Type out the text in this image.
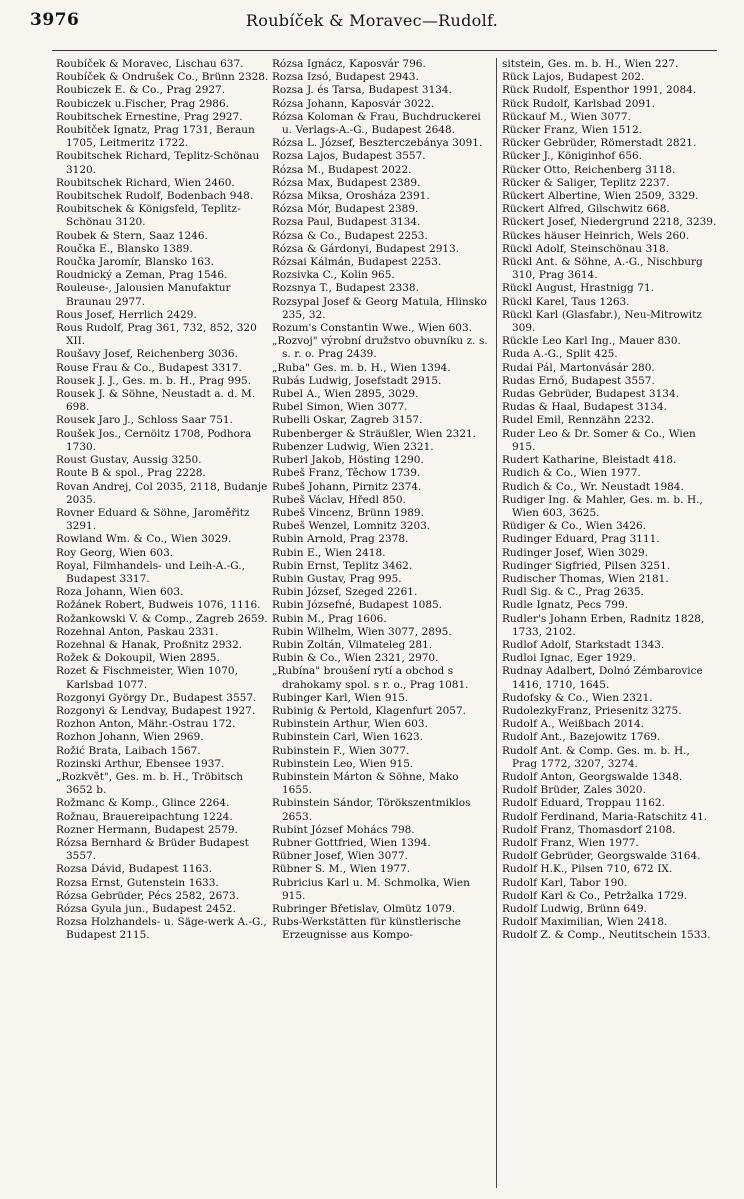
3976	Roubíček & Moravec—Rudolf.
Roubíček & Moravec, Lischau 637.
Roubíček & Ondrušek Co., Brünn 2328.
Roubiczek E. & Co., Prag 2927.
Roubiczek u.Fischer, Prag 2986.
Roubitschek Ernestine, Prag 2927.
Roubitček Ignatz, Prag 1731, Beraun 1705, Leitmeritz 1722.
Roubitschek Richard, Teplitz-Schönau 3120.
Roubitschek Richard, Wien 2460.
Roubitschek Rudolf, Bodenbach 948.
Roubitschek & Königsfeld, Teplitz-Schönau 3120.
Roubek & Stern, Saaz 1246.
Roučka E., Blansko 1389.
Roučka Jaromír, Blansko 163.
Roudnický a Zeman, Prag 1546.
Rouleuse-, Jalousien Manufaktur Braunau 2977.
Rous Josef, Herrlich 2429.
Rous Rudolf, Prag 361, 732, 852, 320 XII.
Roušavy Josef, Reichenberg 3036.
Rouse Frau & Co., Budapest 3317.
Rousek J. J., Ges. m. b. H., Prag 995.
Rousek J. & Söhne, Neustadt a. d. M. 698.
Rousek Jaro J., Schloss Saar 751.
Roušek Jos., Cernöitz 1708, Podhora 1730.
Roust Gustav, Aussig 3250.
Route B & spol., Prag 2228.
Rovan Andrej, Col 2035, 2118, Budanje 2035.
Rovner Eduard & Söhne, Jaroměřitz 3291.
Rowland Wm. & Co., Wien 3029.
Roy Georg, Wien 603.
Royal, Filmhandels- und Leih-A.-G., Budapest 3317.
Roza Johann, Wien 603.
Rožánek Robert, Budweis 1076, 1116.
Rožankowski V. & Comp., Zagreb 2659.
Rozehnal Anton, Paskau 2331.
Rozehnal & Hanak, Proßnitz 2932.
Rožek & Dokoupil, Wien 2895.
Rozet & Fischmeister, Wien 1070, Karlsbad 1077.
Rozgonyi György Dr., Budapest 3557.
Rozgonyi & Lendvay, Budapest 1927.
Rozhon Anton, Mähr.-Ostrau 172.
Rozhon Johann, Wien 2969.
Rožić Brata, Laibach 1567.
Rozinski Arthur, Ebensee 1937.
„Rozkvět", Ges. m. b. H., Tröbitsch 3652 b.
Rožmanc & Komp., Glince 2264.
Rožnau, Brauereipachtung 1224.
Rozner Hermann, Budapest 2579.
Rózsa Bernhard & Brüder Budapest 3557.
Rozsa Dávid, Budapest 1163.
Rozsa Ernst, Gutenstein 1633.
Rózsa Gebrüder, Pécs 2582, 2673.
Rózsa Gyula jun., Budapest 2452.
Rozsa Holzhandels- u. Säge-werk A.-G., Budapest 2115.
Rózsa Ignácz, Kaposvár 796.
Rozsa Izsó, Budapest 2943.
Rozsa J. és Tarsa, Budapest 3134.
Rózsa Johann, Kaposvár 3022.
Rózsa Koloman & Frau, Buchdruckerei u. Verlags-A.-G., Budapest 2648.
Rózsa L. József, Beszterczebánya 3091.
Rozsa Lajos, Budapest 3557.
Rózsa M., Budapest 2022.
Rózsa Max, Budapest 2389.
Rózsa Miksa, Orosháza 2391.
Rózsa Mór, Budapest 2389.
Rozsa Paul, Budapest 3134.
Rózsa & Co., Budapest 2253.
Rózsa & Gárdonyi, Budapest 2913.
Rózsai Kálmán, Budapest 2253.
Rozsivka C., Kolin 965.
Rozsnya T., Budapest 2338.
Rozsypal Josef & Georg Matula, Hlinsko 235, 32.
Rozum's Constantin Wwe., Wien 603.
„Rozvoj" výrobní družstvo obuvníku z. s. s. r. o. Prag 2439.
„Ruba" Ges. m. b. H., Wien 1394.
Rubás Ludwig, Josefstadt 2915.
Rubel A., Wien 2895, 3029.
Rubel Simon, Wien 3077.
Rubelli Oskar, Zagreb 3157.
Rubenberger & Sträußler, Wien 2321.
Rubenzer Ludwig, Wien 2321.
Ruberl Jakob, Hösting 1290.
Rubeš Franz, Těchow 1739.
Rubeš Johann, Pirnitz 2374.
Rubeš Václav, Hředl 850.
Rubeš Vincenz, Brünn 1989.
Rubeš Wenzel, Lomnitz 3203.
Rubin Arnold, Prag 2378.
Rubin E., Wien 2418.
Rubin Ernst, Teplitz 3462.
Rubin Gustav, Prag 995.
Rubin József, Szeged 2261.
Rubin Józsefné, Budapest 1085.
Rubin M., Prag 1606.
Rubin Wilhelm, Wien 3077, 2895.
Rubin Zoltán, Vilmateleg 281.
Rubin & Co., Wien 2321, 2970.
„Rubína" broušení rytí a obchod s drahokamy spol. s r. o., Prag 1081.
Rubinger Karl, Wien 915.
Rubinig & Pertold, Klagenfurt 2057.
Rubinstein Arthur, Wien 603.
Rubinstein Carl, Wien 1623.
Rubinstein F., Wien 3077.
Rubinstein Leo, Wien 915.
Rubinstein Márton & Söhne, Mako 1655.
Rubinstein Sándor, Törökszentmiklos 2653.
Rubint József Mohács 798.
Rubner Gottfried, Wien 1394.
Rübner Josef, Wien 3077.
Rübner S. M., Wien 1977.
Rubricius Karl u. M. Schmolka, Wien 915.
Rubringer Břetislav, Olmütz 1079.
Rubs-Werkstätten für künstlerische Erzeugnisse aus Kompo-
sitstein, Ges. m. b. H., Wien 227.
Rück Lajos, Budapest 202.
Rück Rudolf, Espenthor 1991, 2084.
Rück Rudolf, Karlsbad 2091.
Rückauf M., Wien 3077.
Rücker Franz, Wien 1512.
Rücker Gebrüder, Römerstadt 2821.
Rücker J., Königinhof 656.
Rücker Otto, Reichenberg 3118.
Rücker & Saliger, Teplitz 2237.
Rückert Albertine, Wien 2509, 3329.
Rückert Alfred, Gilschwitz 668.
Rückert Josef, Niedergrund 2218, 3239.
Rückes häuser Heinrich, Wels 260.
Rückl Adolf, Steinschönau 318.
Rückl Ant. & Söhne, A.-G., Nischburg 310, Prag 3614.
Rückl August, Hrastnigg 71.
Rückl Karel, Taus 1263.
Rückl Karl (Glasfabr.), Neu-Mitrowitz 309.
Rückle Leo Karl Ing., Mauer 830.
Ruda A.-G., Split 425.
Rudai Pál, Martonvásár 280.
Rudas Ernő, Budapest 3557.
Rudas Gebrüder, Budapest 3134.
Rudas & Haal, Budapest 3134.
Rudel Emil, Rennzähn 2232.
Ruder Leo & Dr. Somer & Co., Wien 915.
Rudert Katharine, Bleistadt 418.
Rudich & Co., Wien 1977.
Rudich & Co., Wr. Neustadt 1984.
Rudiger Ing. & Mahler, Ges. m. b. H., Wien 603, 3625.
Rüdiger & Co., Wien 3426.
Rudinger Eduard, Prag 3111.
Rudinger Josef, Wien 3029.
Rudinger Sigfried, Pilsen 3251.
Rudischer Thomas, Wien 2181.
Rudl Sig. & C., Prag 2635.
Rudle Ignatz, Pecs 799.
Rudler's Johann Erben, Radnitz 1828, 1733, 2102.
Rudlof Adolf, Starkstadt 1343.
Rudloi Ignac, Eger 1929.
Rudnay Adalbert, Dolnó Zémbarovice 1416, 1710, 1645.
Rudofsky & Co., Wien 2321.
RudolezkyFranz, Priesenitz 3275.
Rudolf A., Weißbach 2014.
Rudolf Ant., Bazejowitz 1769.
Rudolf Ant. & Comp. Ges. m. b. H., Prag 1772, 3207, 3274.
Rudolf Anton, Georgswalde 1348.
Rudolf Brüder, Zales 3020.
Rudolf Eduard, Troppau 1162.
Rudolf Ferdinand, Maria-Ratschitz 41.
Rudolf Franz, Thomasdorf 2108.
Rudolf Franz, Wien 1977.
Rudolf Gebrüder, Georgswalde 3164.
Rudolf H.K., Pilsen 710, 672 IX.
Rudolf Karl, Tabor 190.
Rudolf Karl & Co., Petržalka 1729.
Rudolf Ludwig, Brünn 649.
Rudolf Maximilian, Wien 2418.
Rudolf Z. & Comp., Neutitschein 1533.
